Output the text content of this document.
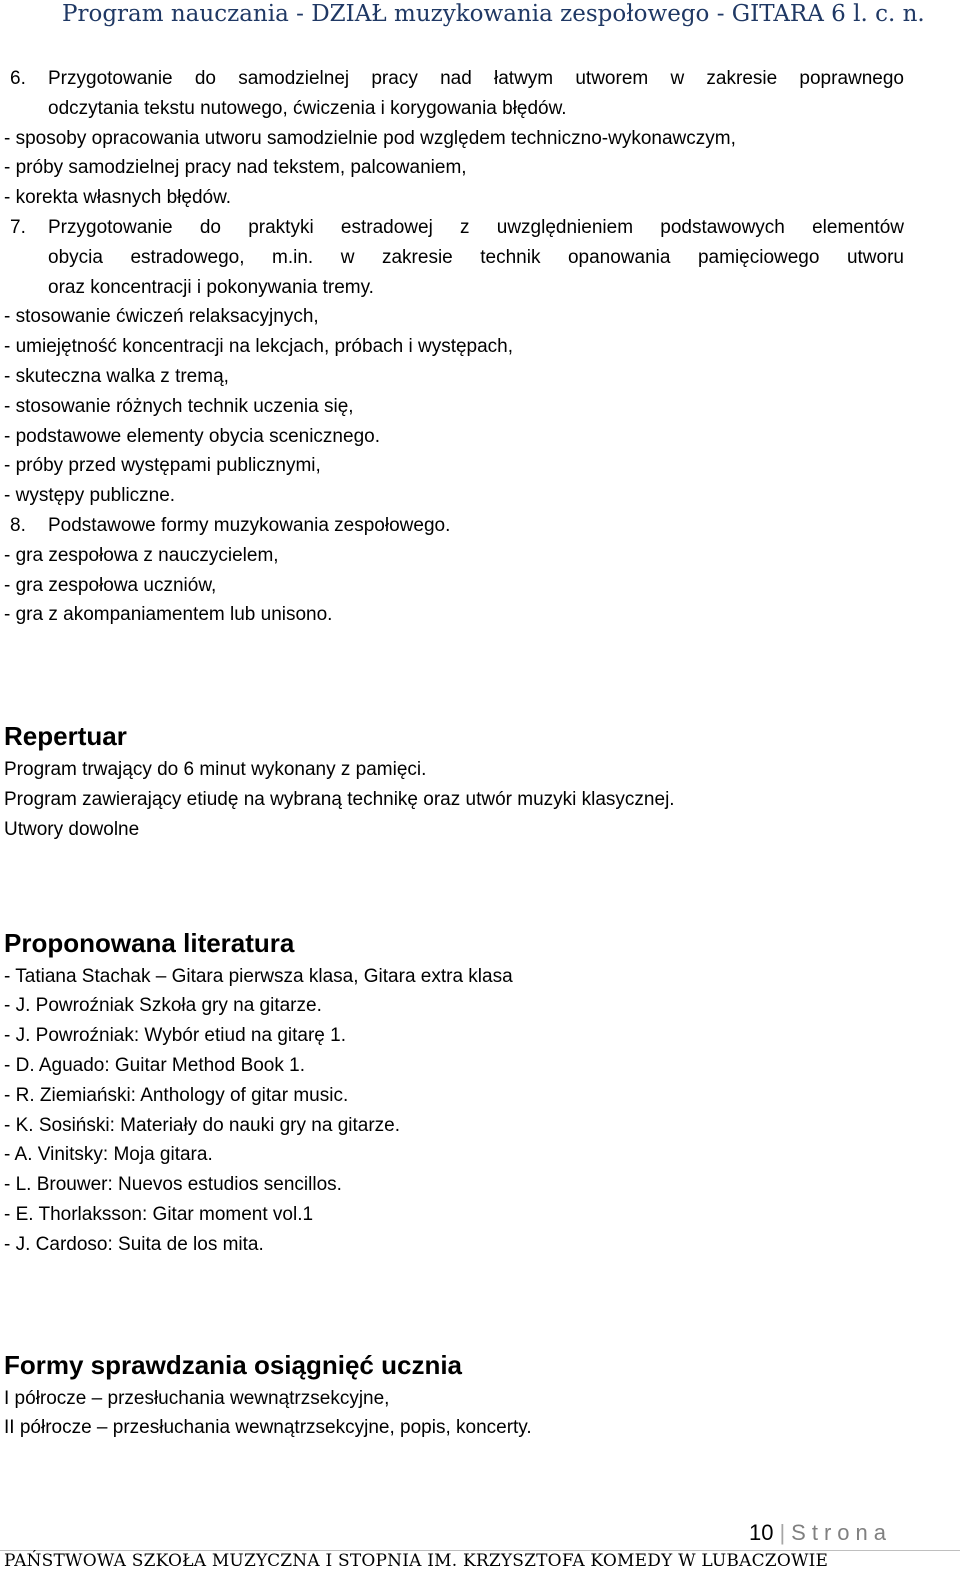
Program nauczania - DZIAŁ muzykowania zespołowego - GITARA 6 l. c. n.
6.	Przygotowanie do samodzielnej pracy nad łatwym utworem w zakresie poprawnego
odczytania tekstu nutowego, ćwiczenia i korygowania błędów.
- sposoby opracowania utworu samodzielnie pod względem techniczno-wykonawczym,
- próby samodzielnej pracy nad tekstem, palcowaniem,
- korekta własnych błędów.
7.	Przygotowanie do praktyki estradowej z uwzględnieniem podstawowych elementów
obycia estradowego, m.in. w zakresie technik opanowania pamięciowego utworu
oraz koncentracji i pokonywania tremy.
- stosowanie ćwiczeń relaksacyjnych,
- umiejętność koncentracji na lekcjach, próbach i występach,
- skuteczna walka z tremą,
- stosowanie różnych technik uczenia się,
- podstawowe elementy obycia scenicznego.
- próby przed występami publicznymi,
- występy publiczne.
8.	Podstawowe formy muzykowania zespołowego.
- gra zespołowa z nauczycielem,
- gra zespołowa uczniów,
- gra z akompaniamentem lub unisono.
Repertuar
Program trwający do 6 minut wykonany z pamięci.
Program zawierający etiudę na wybraną technikę oraz utwór muzyki klasycznej.
Utwory dowolne
Proponowana literatura
- Tatiana Stachak – Gitara pierwsza klasa, Gitara extra klasa
- J. Powroźniak Szkoła gry na gitarze.
- J. Powroźniak: Wybór etiud na gitarę 1.
- D. Aguado: Guitar Method Book 1.
- R. Ziemiański: Anthology of gitar music.
- K. Sosiński: Materiały do nauki gry na gitarze.
- A. Vinitsky: Moja gitara.
- L. Brouwer: Nuevos estudios sencillos.
- E. Thorlaksson: Gitar moment vol.1
- J. Cardoso: Suita de los mita.
Formy sprawdzania osiągnięć ucznia
I półrocze – przesłuchania wewnątrzsekcyjne,
II półrocze – przesłuchania wewnątrzsekcyjne, popis, koncerty.
10 | Strona
PAŃSTWOWA SZKOŁA MUZYCZNA I STOPNIA IM. KRZYSZTOFA KOMEDY W LUBACZOWIE
